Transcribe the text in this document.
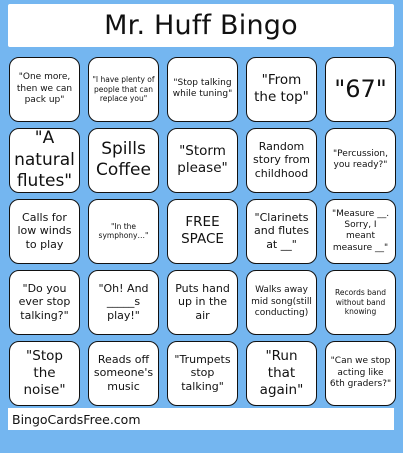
Mr. Huff Bingo
"One more, then we can pack up"
"I have plenty of people that can replace you"
"Stop talking while tuning"
"From the top" "67"
"A natural flutes"
Spills Coffee
"Storm please"
Random story from childhood
"Percussion, you ready?"
Calls for low winds to play
"In the symphony…"
FREE SPACE
"Clarinets and flutes at __"
"Measure __. Sorry, I meant measure __"
"Do you ever stop talking?"
"Oh! And _____s play!"
Puts hand up in the air
Walks away mid song(still conducting)
Records band without band knowing
"Stop the noise"
Reads off someone's music
"Trumpets stop talking"
"Run that again"
"Can we stop acting like 6th graders?"
BingoCardsFree.com
